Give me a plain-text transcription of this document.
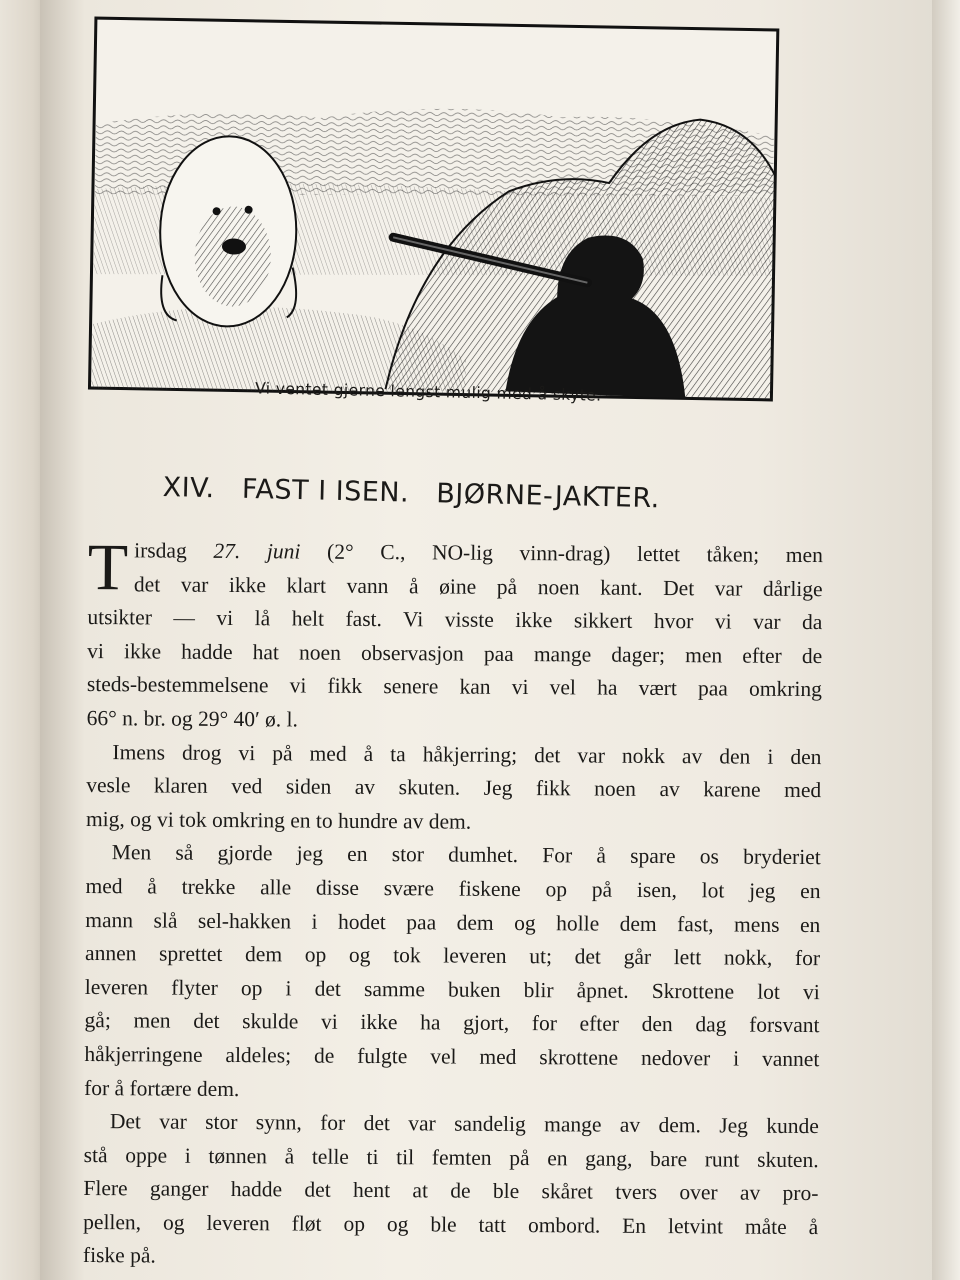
Vi ventet gjerne lengst mulig med å skyte.
XIV. FAST I ISEN. BJØRNE-JAKTER.
T irsdag 27. juni (2° C., NO-lig vinn-drag) lettet tåken; men
det var ikke klart vann å øine på noen kant. Det var dårlige
utsikter — vi lå helt fast. Vi visste ikke sikkert hvor vi var da
vi ikke hadde hat noen observasjon paa mange dager; men efter de
steds-bestemmelsene vi fikk senere kan vi vel ha vært paa omkring
66° n. br. og 29° 40′ ø. l.
Imens drog vi på med å ta håkjerring; det var nokk av den i den
vesle klaren ved siden av skuten. Jeg fikk noen av karene med
mig, og vi tok omkring en to hundre av dem.
Men så gjorde jeg en stor dumhet. For å spare os bryderiet
med å trekke alle disse svære fiskene op på isen, lot jeg en
mann slå sel-hakken i hodet paa dem og holle dem fast, mens en
annen sprettet dem op og tok leveren ut; det går lett nokk, for
leveren flyter op i det samme buken blir åpnet. Skrottene lot vi
gå; men det skulde vi ikke ha gjort, for efter den dag forsvant
håkjerringene aldeles; de fulgte vel med skrottene nedover i vannet
for å fortære dem.
Det var stor synn, for det var sandelig mange av dem. Jeg kunde
stå oppe i tønnen å telle ti til femten på en gang, bare runt skuten.
Flere ganger hadde det hent at de ble skåret tvers over av pro-
pellen, og leveren fløt op og ble tatt ombord. En letvint måte å
fiske på.
